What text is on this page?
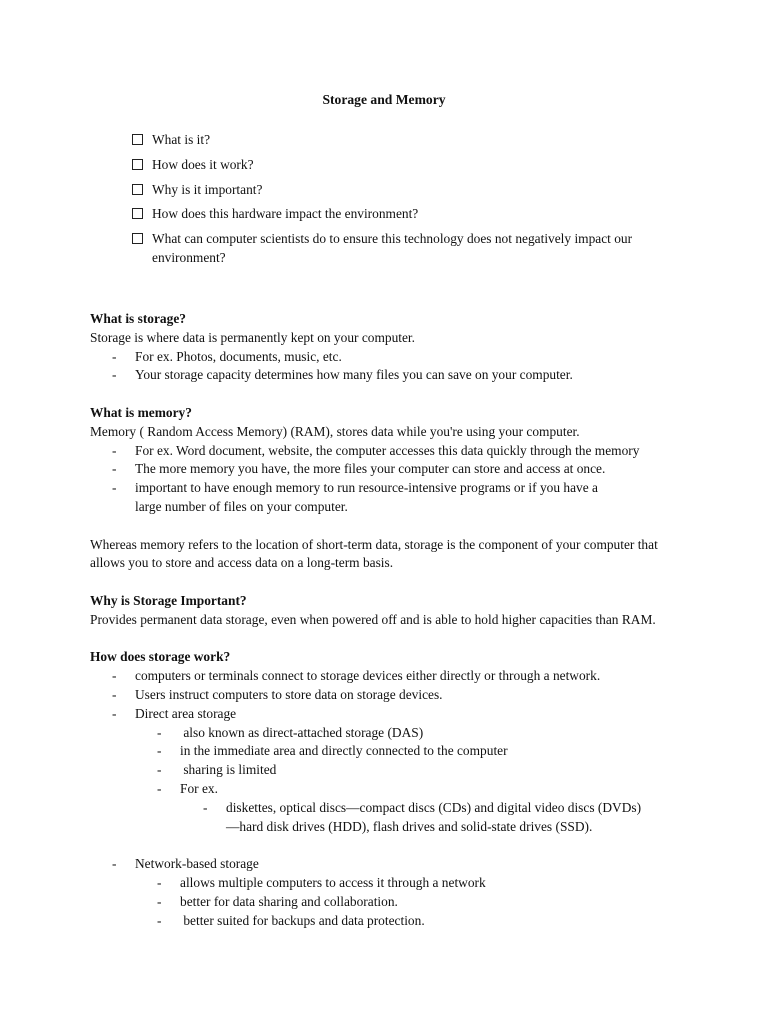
Storage and Memory
What is it?
How does it work?
Why is it important?
How does this hardware impact the environment?
What can computer scientists do to ensure this technology does not negatively impact our environment?

What is storage?

Storage is where data is permanently kept on your computer.

- For ex. Photos, documents, music, etc.
- Your storage capacity determines how many files you can save on your computer.

What is memory?

Memory ( Random Access Memory) (RAM), stores data while you're using your computer.

- For ex. Word document, website, the computer accesses this data quickly through the memory
- The more memory you have, the more files your computer can store and access at once.
- important to have enough memory to run resource-intensive programs or if you have a large number of files on your computer.

Whereas memory refers to the location of short-term data, storage is the component of your computer that allows you to store and access data on a long-term basis.

Why is Storage Important?

Provides permanent data storage, even when powered off and is able to hold higher capacities than RAM.

How does storage work?

- computers or terminals connect to storage devices either directly or through a network.
- Users instruct computers to store data on storage devices.
- Direct area storage
-  also known as direct-attached storage (DAS)
- in the immediate area and directly connected to the computer
-  sharing is limited
- For ex.
- diskettes, optical discs—compact discs (CDs) and digital video discs (DVDs)—hard disk drives (HDD), flash drives and solid-state drives (SSD).
- Network-based storage
- allows multiple computers to access it through a network
- better for data sharing and collaboration.
-  better suited for backups and data protection.
